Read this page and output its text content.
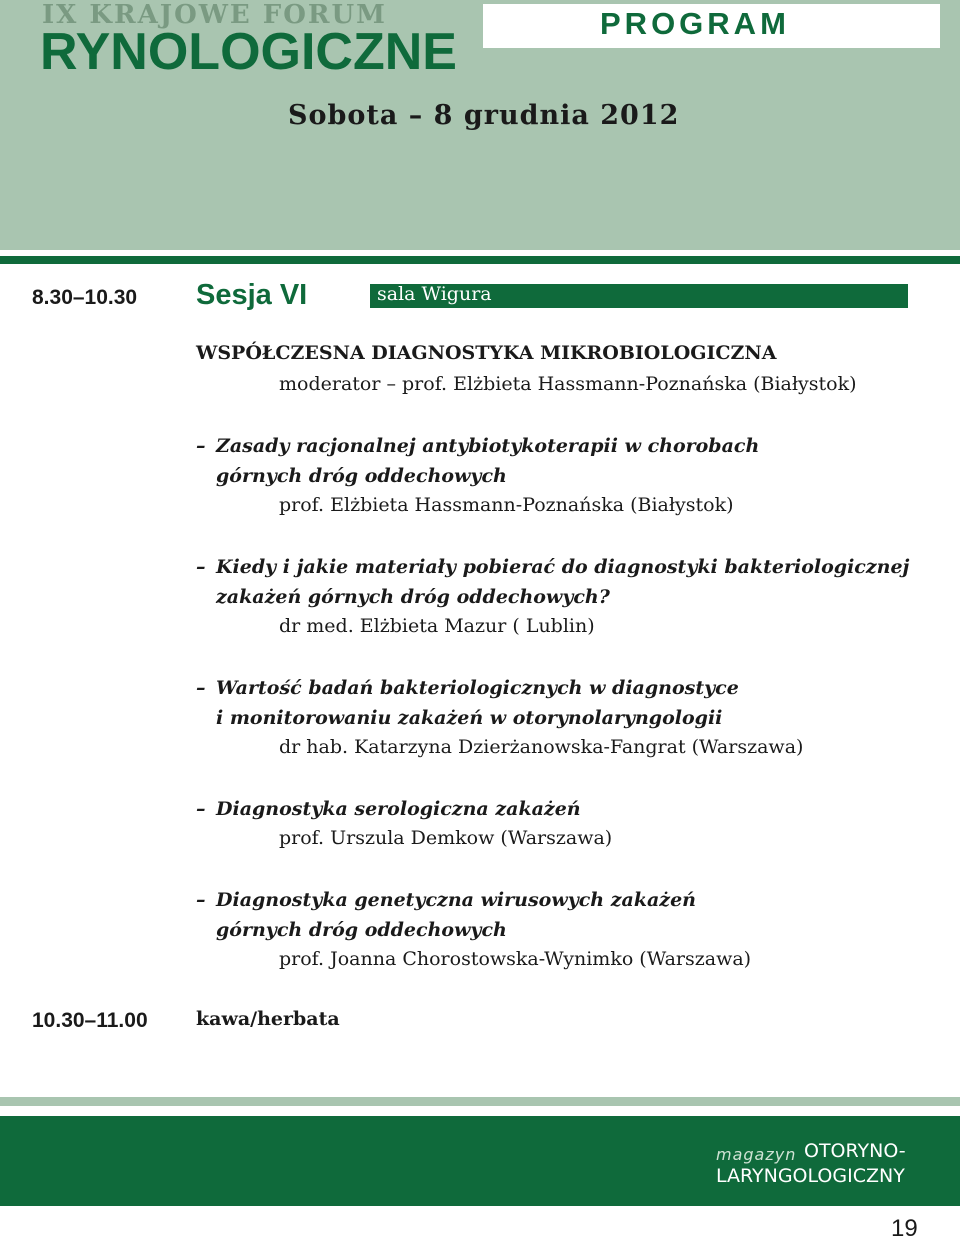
IX KRAJOWE FORUM
RYNOLOGICZNE	PROGRAM
Sobota – 8 grudnia 2012
8.30–10.30 Sesja VI	sala Wigura
WSPÓŁCZESNA DIAGNOSTYKA MIKROBIOLOGICZNA
moderator – prof. Elżbieta Hassmann-Poznańska (Białystok)
– Zasady racjonalnej antybiotykoterapii w chorobach
górnych dróg oddechowych
prof. Elżbieta Hassmann-Poznańska (Białystok)
– Kiedy i jakie materiały pobierać do diagnostyki bakteriologicznej
zakażeń górnych dróg oddechowych?
dr med. Elżbieta Mazur ( Lublin)
– Wartość badań bakteriologicznych w diagnostyce
i monitorowaniu zakażeń w otorynolaryngologii
dr hab. Katarzyna Dzierżanowska-Fangrat (Warszawa)
– Diagnostyka serologiczna zakażeń
prof. Urszula Demkow (Warszawa)
– Diagnostyka genetyczna wirusowych zakażeń
górnych dróg oddechowych
prof. Joanna Chorostowska-Wynimko (Warszawa)
10.30–11.00	kawa/herbata
magazyn OTORYNO-
LARYNGOLOGICZNY
19
